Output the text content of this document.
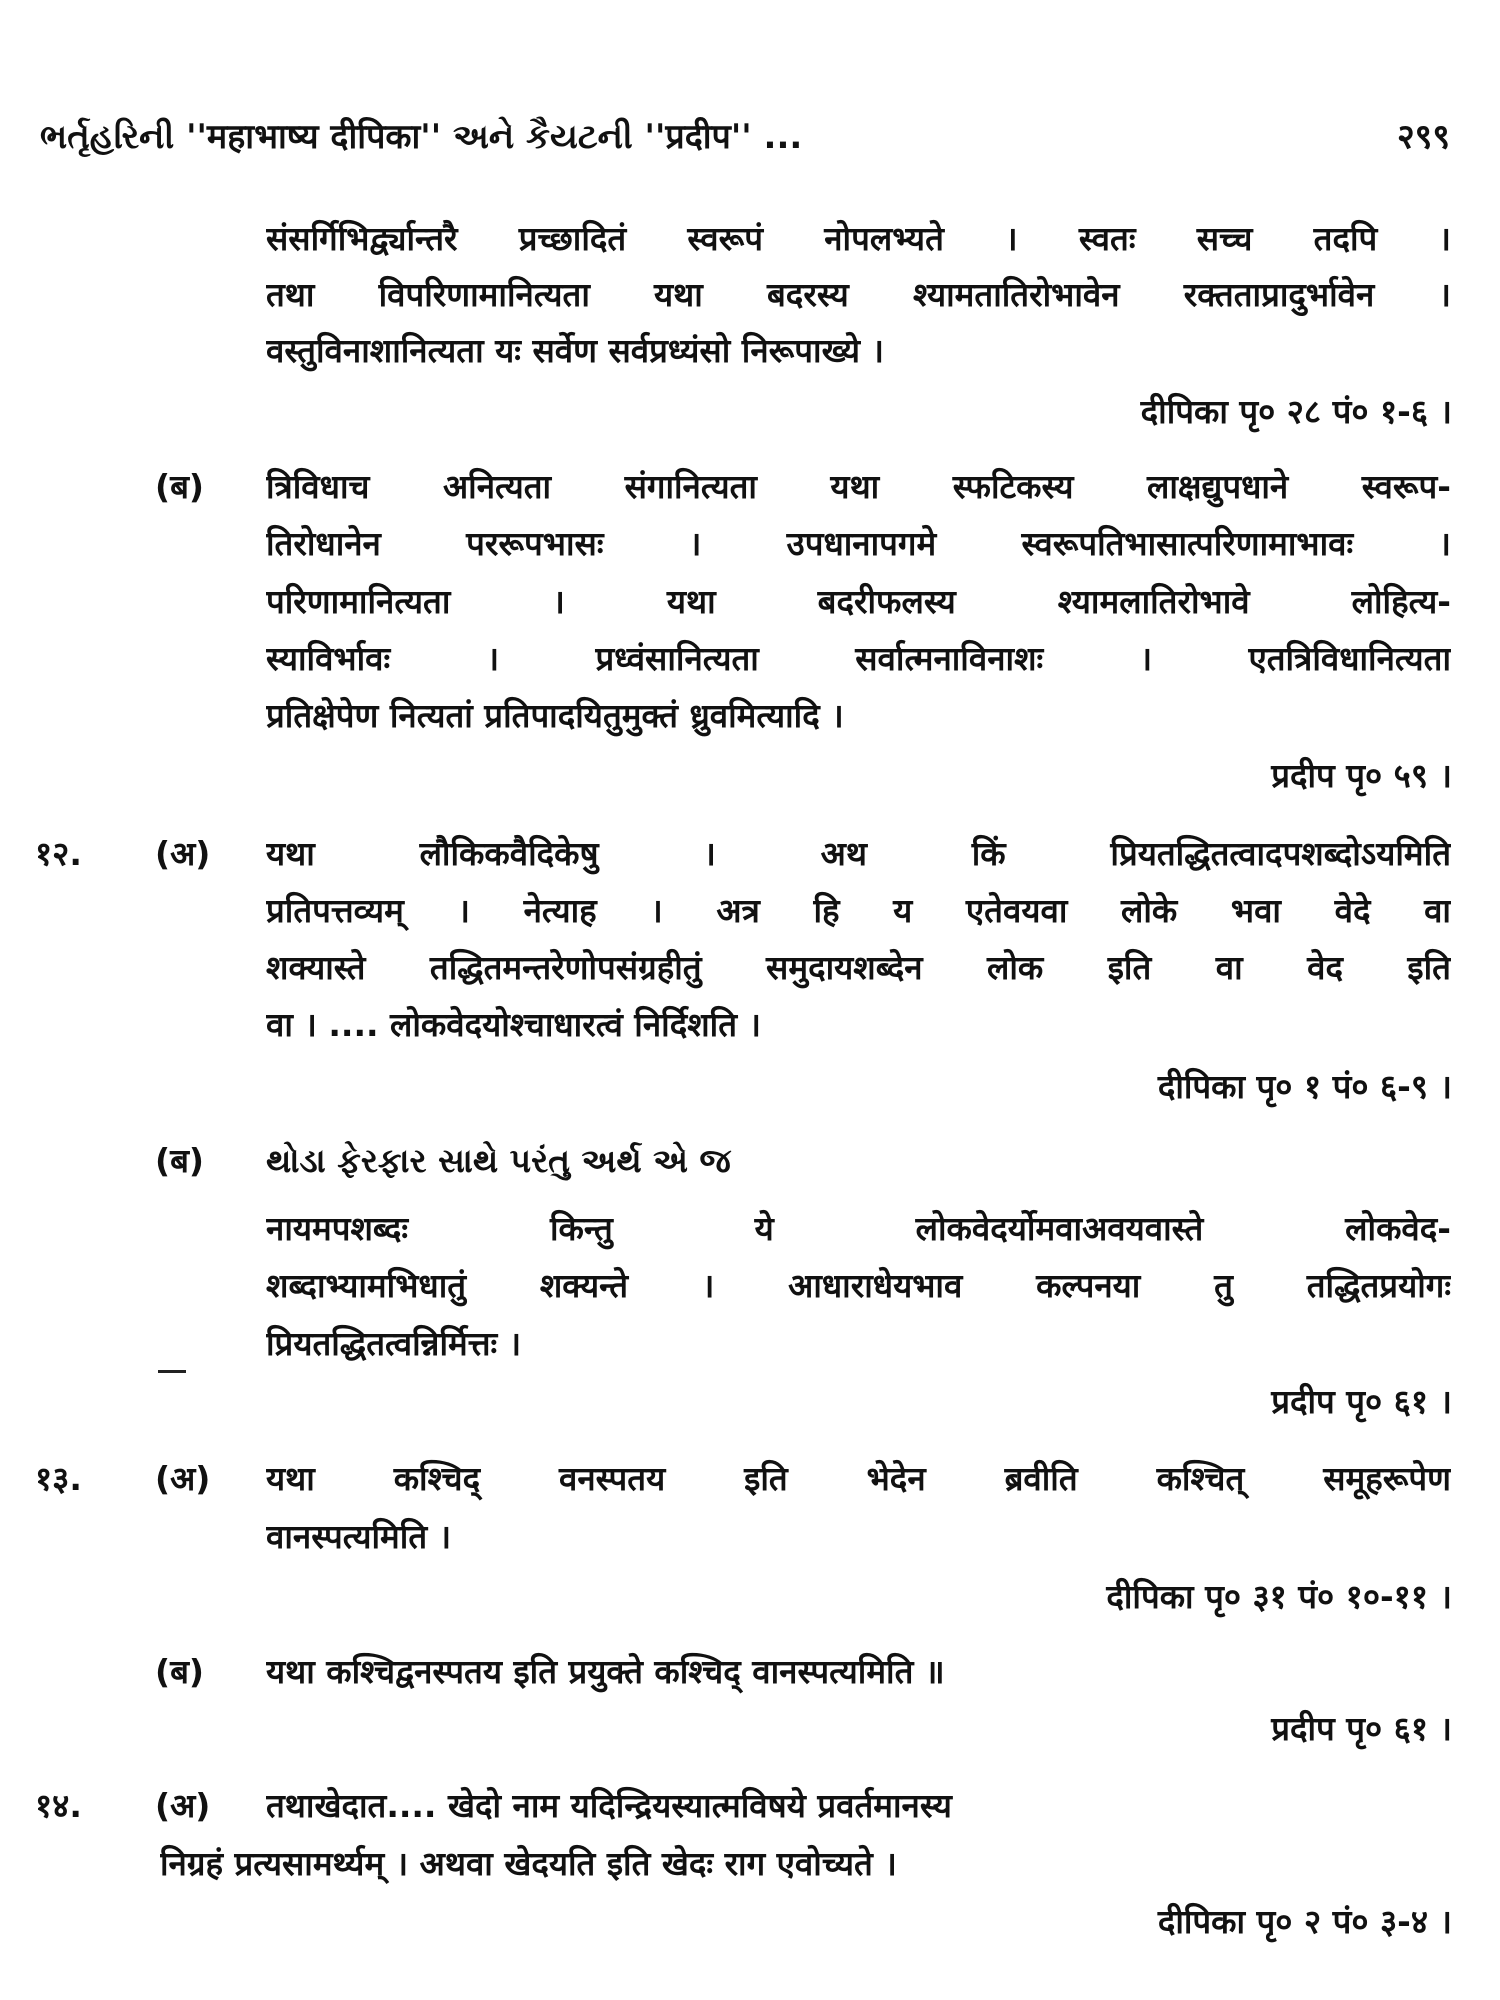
ભર્તૃહરિની ''महाभाष्य दीपिका'' અને કૈયટની ''प्रदीप'' ...	२९९
संसर्गिभिर्द्व्यान्तरै प्रच्छादितं स्वरूपं नोपलभ्यते । स्वतः सच्च तदपि ।
तथा विपरिणामानित्यता यथा बदरस्य श्यामतातिरोभावेन रक्तताप्रादुर्भावेन ।
वस्तुविनाशानित्यता यः सर्वेण सर्वप्रध्यंसो निरूपाख्ये ।
दीपिका पृ० २८ पं० १-६ ।
(ब) त्रिविधाच अनित्यता संगानित्यता यथा स्फटिकस्य लाक्षद्युपधाने स्वरूप-
तिरोधानेन पररूपभासः । उपधानापगमे स्वरूपतिभासात्परिणामाभावः ।
परिणामानित्यता । यथा बदरीफलस्य श्यामलातिरोभावे लोहित्य-
स्याविर्भावः । प्रध्वंसानित्यता सर्वात्मनाविनाशः । एतत्रिविधानित्यता
प्रतिक्षेपेण नित्यतां प्रतिपादयितुमुक्तं ध्रुवमित्यादि ।
प्रदीप पृ० ५९ ।
१२. (अ) यथा लौकिकवैदिकेषु । अथ किं प्रियतद्धितत्वादपशब्दोऽयमिति
प्रतिपत्तव्यम् । नेत्याह । अत्र हि य एतेवयवा लोके भवा वेदे वा
शक्यास्ते तद्धितमन्तरेणोपसंग्रहीतुं समुदायशब्देन लोक इति वा वेद इति
वा । .... लोकवेदयोश्चाधारत्वं निर्दिशति ।
दीपिका पृ० १ पं० ६-९ ।
(ब) થોડા ફેરફાર સાથે પરંતુ અર્થ એ જ
नायमपशब्दः किन्तु ये लोकवेदर्योमवाअवयवास्ते लोकवेद-
शब्दाभ्यामभिधातुं शक्यन्ते । आधाराधेयभाव कल्पनया तु तद्धितप्रयोगः
प्रियतद्धितत्वन्निर्मित्तः ।
प्रदीप पृ० ६१ ।
१३. (अ) यथा कश्चिद् वनस्पतय इति भेदेन ब्रवीति कश्चित् समूहरूपेण
वानस्पत्यमिति ।
दीपिका पृ० ३१ पं० १०-११ ।
(ब) यथा कश्चिद्वनस्पतय इति प्रयुक्ते कश्चिद् वानस्पत्यमिति ॥
प्रदीप पृ० ६१ ।
१४. (अ) तथाखेदात.... खेदो नाम यदिन्द्रियस्यात्मविषये प्रवर्तमानस्य
निग्रहं प्रत्यसामर्थ्यम् । अथवा खेदयति इति खेदः राग एवोच्यते ।
दीपिका पृ० २ पं० ३-४ ।
